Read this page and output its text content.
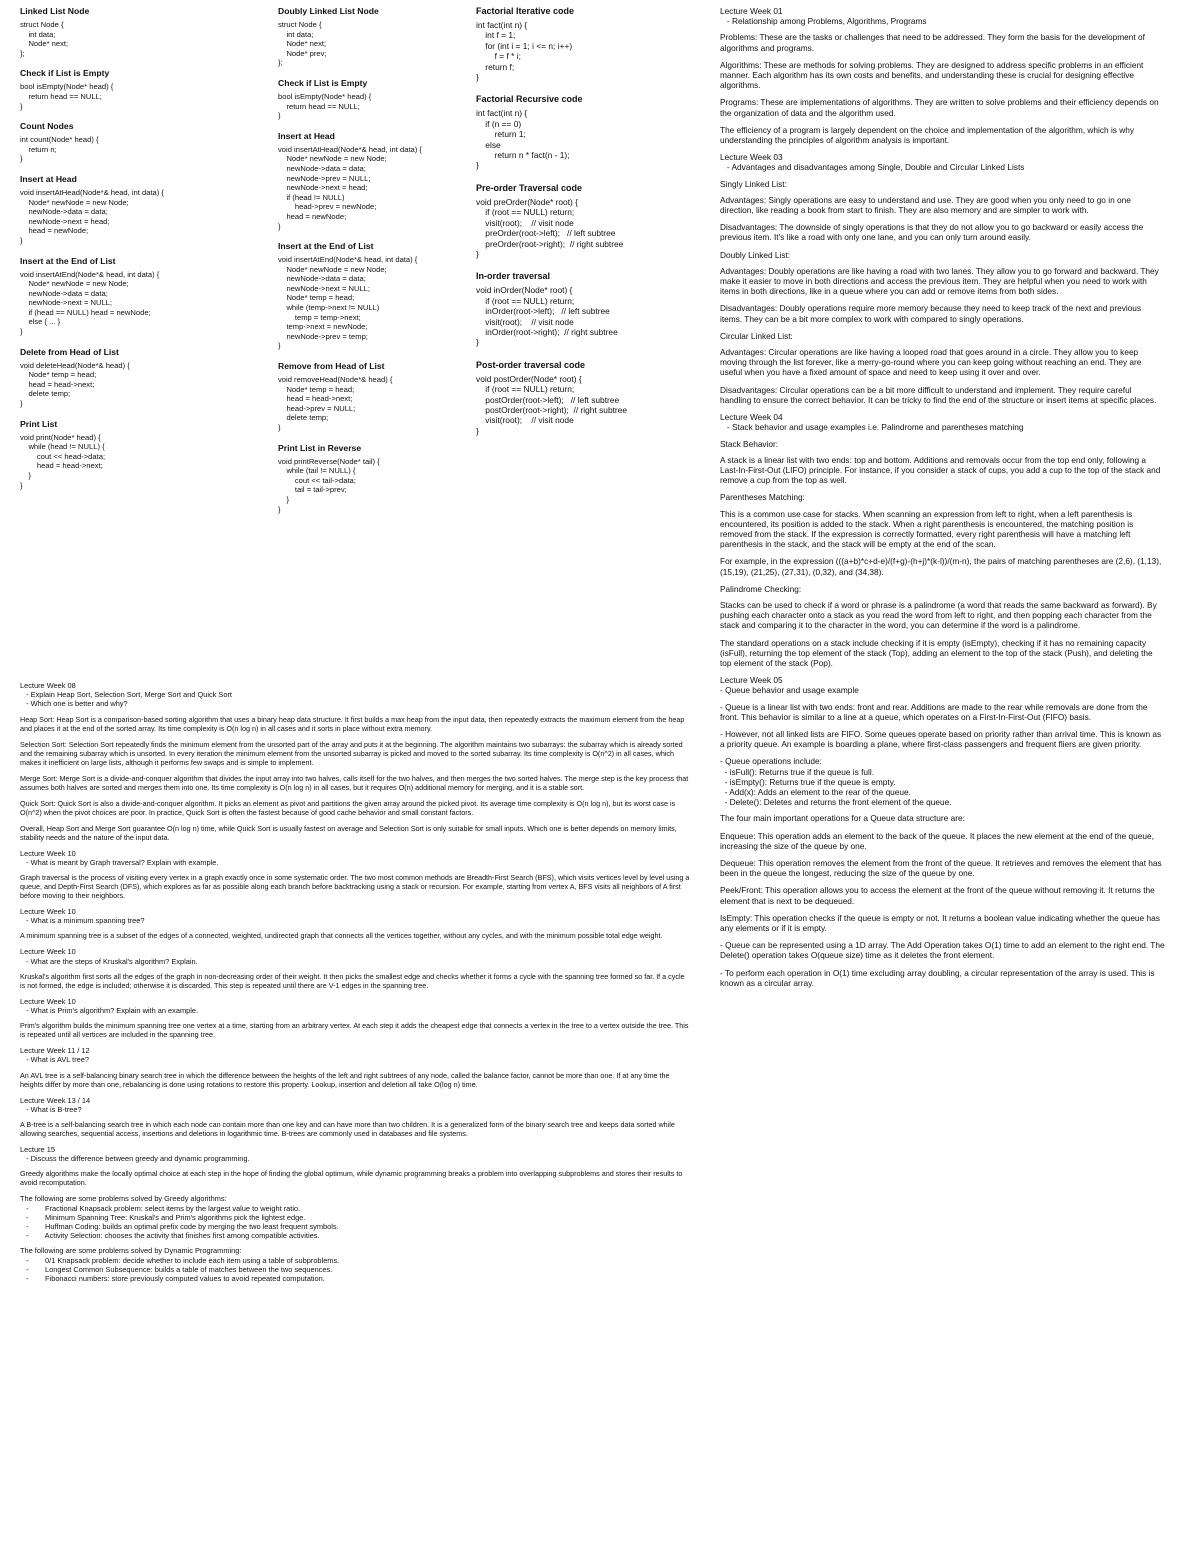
Linked List Node
struct Node {
int data;
Node* next;
};
Check if List is Empty
bool isEmpty(Node* head) {
return head == NULL;
}
Count Nodes
int count(Node* head) {
return n;
}
Insert at Head
void insertAtHead(Node*& head, int data) {
Node* newNode = new Node;
newNode->data = data;
newNode->next = head;
head = newNode;
}
Insert at the End of List
void insertAtEnd(Node*& head, int data) {
Node* newNode = new Node;
newNode->data = data;
newNode->next = NULL;
if (head == NULL) head = newNode;
else { ... }
}
Delete from Head of List
void deleteHead(Node*& head) {
Node* temp = head;
head = head->next;
delete temp;
}
Print List
void print(Node* head) {
while (head != NULL) {
cout << head->data;
head = head->next;
}
}
Doubly Linked List Node
struct Node {
int data;
Node* next;
Node* prev;
};
Check if List is Empty
bool isEmpty(Node* head) {
return head == NULL;
}
Insert at Head
void insertAtHead(Node*& head, int data) {
Node* newNode = new Node;
newNode->data = data;
newNode->prev = NULL;
newNode->next = head;
if (head != NULL)
head->prev = newNode;
head = newNode;
}
Insert at the End of List
void insertAtEnd(Node*& head, int data) {
Node* newNode = new Node;
newNode->data = data;
newNode->next = NULL;
Node* temp = head;
while (temp->next != NULL)
temp = temp->next;
temp->next = newNode;
newNode->prev = temp;
}
Remove from Head of List
void removeHead(Node*& head) {
Node* temp = head;
head = head->next;
head->prev = NULL;
delete temp;
}
Print List in Reverse
void printReverse(Node* tail) {
while (tail != NULL) {
cout << tail->data;
tail = tail->prev;
}
}
Factorial Iterative code
int fact(int n) {
int f = 1;
for (int i = 1; i <= n; i++)
f = f * i;
return f;
}
Factorial Recursive code
int fact(int n) {
if (n == 0)
return 1;
else
return n * fact(n - 1);
}
Pre-order Traversal code
void preOrder(Node* root) {
if (root == NULL) return;
visit(root);    // visit node
preOrder(root->left);   // left subtree
preOrder(root->right);  // right subtree
}
In-order traversal
void inOrder(Node* root) {
if (root == NULL) return;
inOrder(root->left);   // left subtree
visit(root);    // visit node
inOrder(root->right);  // right subtree
}
Post-order traversal code
void postOrder(Node* root) {
if (root == NULL) return;
postOrder(root->left);   // left subtree
postOrder(root->right);  // right subtree
visit(root);    // visit node
}
Lecture Week 01
- Relationship among Problems, Algorithms, Programs
Problems: These are the tasks or challenges that need to be addressed. They form the basis for the development of algorithms and programs.
Algorithms: These are methods for solving problems. They are designed to address specific problems in an efficient manner. Each algorithm has its own costs and benefits, and understanding these is crucial for designing effective algorithms.
Programs: These are implementations of algorithms. They are written to solve problems and their efficiency depends on the organization of data and the algorithm used.
The efficiency of a program is largely dependent on the choice and implementation of the algorithm, which is why understanding the principles of algorithm analysis is important.
Lecture Week 03
- Advantages and disadvantages among Single, Double and Circular Linked Lists
Singly Linked List:
Advantages: Singly operations are easy to understand and use. They are good when you only need to go in one direction, like reading a book from start to finish. They are also memory and are simpler to work with.
Disadvantages: The downside of singly operations is that they do not allow you to go backward or easily access the previous item. It's like a road with only one lane, and you can only turn around easily.
Doubly Linked List:
Advantages: Doubly operations are like having a road with two lanes. They allow you to go forward and backward. They make it easier to move in both directions and access the previous item. They are helpful when you need to work with items in both directions, like in a queue where you can add or remove items from both sides.
Disadvantages: Doubly operations require more memory because they need to keep track of the next and previous items. They can be a bit more complex to work with compared to singly operations.
Circular Linked List:
Advantages: Circular operations are like having a looped road that goes around in a circle. They allow you to keep moving through the list forever, like a merry-go-round where you can keep going without reaching an end. They are useful when you have a fixed amount of space and need to keep using it over and over.
Disadvantages: Circular operations can be a bit more difficult to understand and implement. They require careful handling to ensure the correct behavior. It can be tricky to find the end of the structure or insert items at specific places.
Lecture Week 04
- Stack behavior and usage examples i.e. Palindrome and parentheses matching
Stack Behavior:
A stack is a linear list with two ends: top and bottom. Additions and removals occur from the top end only, following a Last-In-First-Out (LIFO) principle. For instance, if you consider a stack of cups, you add a cup to the top of the stack and remove a cup from the top as well.
Parentheses Matching:
This is a common use case for stacks. When scanning an expression from left to right, when a left parenthesis is encountered, its position is added to the stack. When a right parenthesis is encountered, the matching position is removed from the stack. If the expression is correctly formatted, every right parenthesis will have a matching left parenthesis in the stack, and the stack will be empty at the end of the scan.
For example, in the expression (((a+b)*c+d-e)/(f+g)-(h+j)*(k-l))/(m-n), the pairs of matching parentheses are (2,6), (1,13), (15,19), (21,25), (27,31), (0,32), and (34,38).
Palindrome Checking:
Stacks can be used to check if a word or phrase is a palindrome (a word that reads the same backward as forward). By pushing each character onto a stack as you read the word from left to right, and then popping each character from the stack and comparing it to the character in the word, you can determine if the word is a palindrome.
The standard operations on a stack include checking if it is empty (isEmpty), checking if it has no remaining capacity (isFull), returning the top element of the stack (Top), adding an element to the top of the stack (Push), and deleting the top element of the stack (Pop).
Lecture Week 05
- Queue behavior and usage example
- Queue is a linear list with two ends: front and rear. Additions are made to the rear while removals are done from the front. This behavior is similar to a line at a queue, which operates on a First-In-First-Out (FIFO) basis.
- However, not all linked lists are FIFO. Some queues operate based on priority rather than arrival time. This is known as a priority queue. An example is boarding a plane, where first-class passengers and frequent fliers are given priority.
- Queue operations include:
- isFull(): Returns true if the queue is full.
- isEmpty(): Returns true if the queue is empty.
- Add(x): Adds an element to the rear of the queue.
- Delete(): Deletes and returns the front element of the queue.
The four main important operations for a Queue data structure are:
Enqueue: This operation adds an element to the back of the queue. It places the new element at the end of the queue, increasing the size of the queue by one.
Dequeue: This operation removes the element from the front of the queue. It retrieves and removes the element that has been in the queue the longest, reducing the size of the queue by one.
Peek/Front: This operation allows you to access the element at the front of the queue without removing it. It returns the element that is next to be dequeued.
IsEmpty: This operation checks if the queue is empty or not. It returns a boolean value indicating whether the queue has any elements or if it is empty.
- Queue can be represented using a 1D array. The Add Operation takes O(1) time to add an element to the right end. The Delete() operation takes O(queue size) time as it deletes the front element.
- To perform each operation in O(1) time excluding array doubling, a circular representation of the array is used. This is known as a circular array.
Lecture Week 08
- Explain Heap Sort, Selection Sort, Merge Sort and Quick Sort
- Which one is better and why?
Heap Sort: Heap Sort is a comparison-based sorting algorithm that uses a binary heap data structure. It first builds a max heap from the input data, then repeatedly extracts the maximum element from the heap and places it at the end of the sorted array. Its time complexity is O(n log n) in all cases and it sorts in place without extra memory.
Selection Sort: Selection Sort repeatedly finds the minimum element from the unsorted part of the array and puts it at the beginning. The algorithm maintains two subarrays: the subarray which is already sorted and the remaining subarray which is unsorted. In every iteration the minimum element from the unsorted subarray is picked and moved to the sorted subarray. Its time complexity is O(n^2) in all cases, which makes it inefficient on large lists, although it performs few swaps and is simple to implement.
Merge Sort: Merge Sort is a divide-and-conquer algorithm that divides the input array into two halves, calls itself for the two halves, and then merges the two sorted halves. The merge step is the key process that assumes both halves are sorted and merges them into one. Its time complexity is O(n log n) in all cases, but it requires O(n) additional memory for merging, and it is a stable sort.
Quick Sort: Quick Sort is also a divide-and-conquer algorithm. It picks an element as pivot and partitions the given array around the picked pivot. Its average time complexity is O(n log n), but its worst case is O(n^2) when the pivot choices are poor. In practice, Quick Sort is often the fastest because of good cache behavior and small constant factors.
Overall, Heap Sort and Merge Sort guarantee O(n log n) time, while Quick Sort is usually fastest on average and Selection Sort is only suitable for small inputs. Which one is better depends on memory limits, stability needs and the nature of the input data.
Lecture Week 10
- What is meant by Graph traversal? Explain with example.
Graph traversal is the process of visiting every vertex in a graph exactly once in some systematic order. The two most common methods are Breadth-First Search (BFS), which visits vertices level by level using a queue, and Depth-First Search (DFS), which explores as far as possible along each branch before backtracking using a stack or recursion. For example, starting from vertex A, BFS visits all neighbors of A first before moving to their neighbors.
Lecture Week 10
- What is a minimum spanning tree?
A minimum spanning tree is a subset of the edges of a connected, weighted, undirected graph that connects all the vertices together, without any cycles, and with the minimum possible total edge weight.
Lecture Week 10
- What are the steps of Kruskal's algorithm? Explain.
Kruskal's algorithm first sorts all the edges of the graph in non-decreasing order of their weight. It then picks the smallest edge and checks whether it forms a cycle with the spanning tree formed so far. If a cycle is not formed, the edge is included; otherwise it is discarded. This step is repeated until there are V-1 edges in the spanning tree.
Lecture Week 10
- What is Prim's algorithm? Explain with an example.
Prim's algorithm builds the minimum spanning tree one vertex at a time, starting from an arbitrary vertex. At each step it adds the cheapest edge that connects a vertex in the tree to a vertex outside the tree. This is repeated until all vertices are included in the spanning tree.
Lecture Week 11 / 12
- What is AVL tree?
An AVL tree is a self-balancing binary search tree in which the difference between the heights of the left and right subtrees of any node, called the balance factor, cannot be more than one. If at any time the heights differ by more than one, rebalancing is done using rotations to restore this property. Lookup, insertion and deletion all take O(log n) time.
Lecture Week 13 / 14
- What is B-tree?
A B-tree is a self-balancing search tree in which each node can contain more than one key and can have more than two children. It is a generalized form of the binary search tree and keeps data sorted while allowing searches, sequential access, insertions and deletions in logarithmic time. B-trees are commonly used in databases and file systems.
Lecture 15
- Discuss the difference between greedy and dynamic programming.
Greedy algorithms make the locally optimal choice at each step in the hope of finding the global optimum, while dynamic programming breaks a problem into overlapping subproblems and stores their results to avoid recomputation.
The following are some problems solved by Greedy algorithms:
-        Fractional Knapsack problem: select items by the largest value to weight ratio.
-        Minimum Spanning Tree: Kruskal's and Prim's algorithms pick the lightest edge.
-        Huffman Coding: builds an optimal prefix code by merging the two least frequent symbols.
-        Activity Selection: chooses the activity that finishes first among compatible activities.
The following are some problems solved by Dynamic Programming:
-        0/1 Knapsack problem: decide whether to include each item using a table of subproblems.
-        Longest Common Subsequence: builds a table of matches between the two sequences.
-        Fibonacci numbers: store previously computed values to avoid repeated computation.
